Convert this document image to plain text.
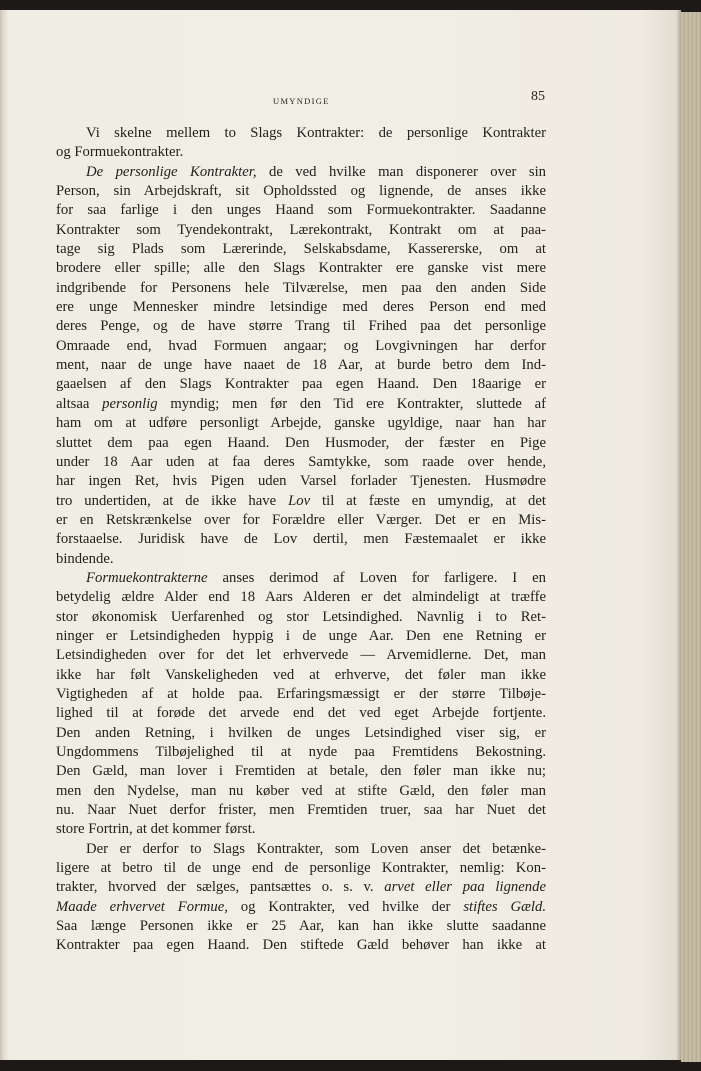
UMYNDIGE	85
Vi skelne mellem to Slags Kontrakter: de personlige Kontrakter
og Formuekontrakter.
De personlige Kontrakter, de ved hvilke man disponerer over sin
Person, sin Arbejdskraft, sit Opholdssted og lignende, de anses ikke
for saa farlige i den unges Haand som Formuekontrakter. Saadanne
Kontrakter som Tyendekontrakt, Lærekontrakt, Kontrakt om at paa-
tage sig Plads som Lærerinde, Selskabsdame, Kassererske, om at
brodere eller spille; alle den Slags Kontrakter ere ganske vist mere
indgribende for Personens hele Tilværelse, men paa den anden Side
ere unge Mennesker mindre letsindige med deres Person end med
deres Penge, og de have større Trang til Frihed paa det personlige
Omraade end, hvad Formuen angaar; og Lovgivningen har derfor
ment, naar de unge have naaet de 18 Aar, at burde betro dem Ind-
gaaelsen af den Slags Kontrakter paa egen Haand. Den 18aarige er
altsaa personlig myndig; men før den Tid ere Kontrakter, sluttede af
ham om at udføre personligt Arbejde, ganske ugyldige, naar han har
sluttet dem paa egen Haand. Den Husmoder, der fæster en Pige
under 18 Aar uden at faa deres Samtykke, som raade over hende,
har ingen Ret, hvis Pigen uden Varsel forlader Tjenesten. Husmødre
tro undertiden, at de ikke have Lov til at fæste en umyndig, at det
er en Retskrænkelse over for Forældre eller Værger. Det er en Mis-
forstaaelse. Juridisk have de Lov dertil, men Fæstemaalet er ikke
bindende.
Formuekontrakterne anses derimod af Loven for farligere. I en
betydelig ældre Alder end 18 Aars Alderen er det almindeligt at træffe
stor økonomisk Uerfarenhed og stor Letsindighed. Navnlig i to Ret-
ninger er Letsindigheden hyppig i de unge Aar. Den ene Retning er
Letsindigheden over for det let erhvervede — Arvemidlerne. Det, man
ikke har følt Vanskeligheden ved at erhverve, det føler man ikke
Vigtigheden af at holde paa. Erfaringsmæssigt er der større Tilbøje-
lighed til at forøde det arvede end det ved eget Arbejde fortjente.
Den anden Retning, i hvilken de unges Letsindighed viser sig, er
Ungdommens Tilbøjelighed til at nyde paa Fremtidens Bekostning.
Den Gæld, man lover i Fremtiden at betale, den føler man ikke nu;
men den Nydelse, man nu køber ved at stifte Gæld, den føler man
nu. Naar Nuet derfor frister, men Fremtiden truer, saa har Nuet det
store Fortrin, at det kommer først.
Der er derfor to Slags Kontrakter, som Loven anser det betænke-
ligere at betro til de unge end de personlige Kontrakter, nemlig: Kon-
trakter, hvorved der sælges, pantsættes o. s. v. arvet eller paa lignende
Maade erhvervet Formue, og Kontrakter, ved hvilke der stiftes Gæld.
Saa længe Personen ikke er 25 Aar, kan han ikke slutte saadanne
Kontrakter paa egen Haand. Den stiftede Gæld behøver han ikke at
